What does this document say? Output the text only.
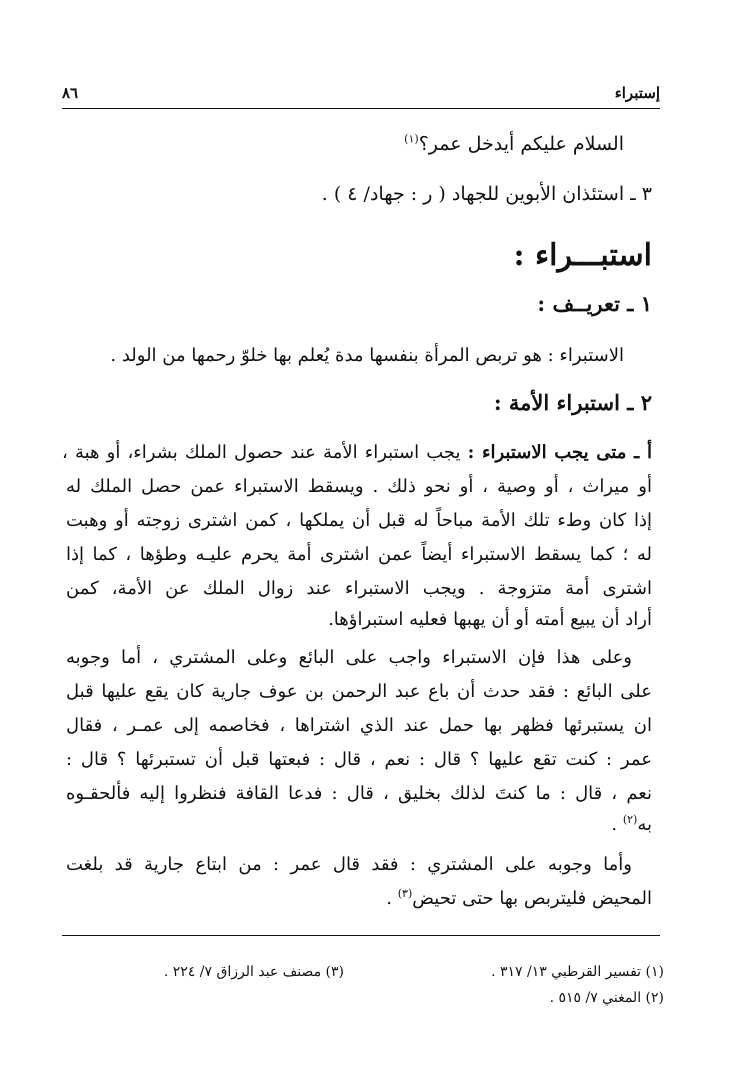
إستبراء
٨٦
السلام عليكم أيدخل عمر؟$^{(١)}$
٣ ـ استئذان الأبوين للجهاد ( ر : جهاد/ ٤ ) .
استبـــراء :
١ ـ تعريــف :
الاستبراء : هو تربص المرأة بنفسها مدة يُعلم بها خلوّ رحمها من الولد .
٢ ـ استبراء الأمة :
أ ـ متى يجب الاستبراء : يجب استبراء الأمة عند حصول الملك بشراء، أو هبة ،
أو ميراث ، أو وصية ، أو نحو ذلك . ويسقط الاستبراء عمن حصل الملك له
إذا كان وطء تلك الأمة مباحاً له قبل أن يملكها ، كمن اشترى زوجته أو وهبت
له ؛ كما يسقط الاستبراء أيضاً عمن اشترى أمة يحرم عليـه وطؤها ، كما إذا
اشترى أمة متزوجة . ويجب الاستبراء عند زوال الملك عن الأمة، كمن
أراد أن يبيع أمته أو أن يهبها فعليه استبراؤها.
وعلى هذا فإن الاستبراء واجب على البائع وعلى المشتري ، أما وجوبه
على البائع : فقد حدث أن باع عبد الرحمن بن عوف جارية كان يقع عليها قبل
ان يستبرئها فظهر بها حمل عند الذي اشتراها ، فخاصمه إلى عمـر ، فقال
عمر : كنت تقع عليها ؟ قال : نعم ، قال : فبعتها قبل أن تستبرئها ؟ قال :
نعم ، قال : ما كنتَ لذلك بخليق ، قال : فدعا القافة فنظروا إليه فألحقـوه
به$^{(٢)}$ .
وأما وجوبه على المشتري : فقد قال عمر : من ابتاع جارية قد بلغت
المحيض فليتربص بها حتى تحيض$^{(٣)}$ .
(١) تفسير القرطبي ١٣/ ٣١٧ .
(٢) المغني ٧/ ٥١٥ .
(٣) مصنف عبد الرزاق ٧/ ٢٢٤ .
